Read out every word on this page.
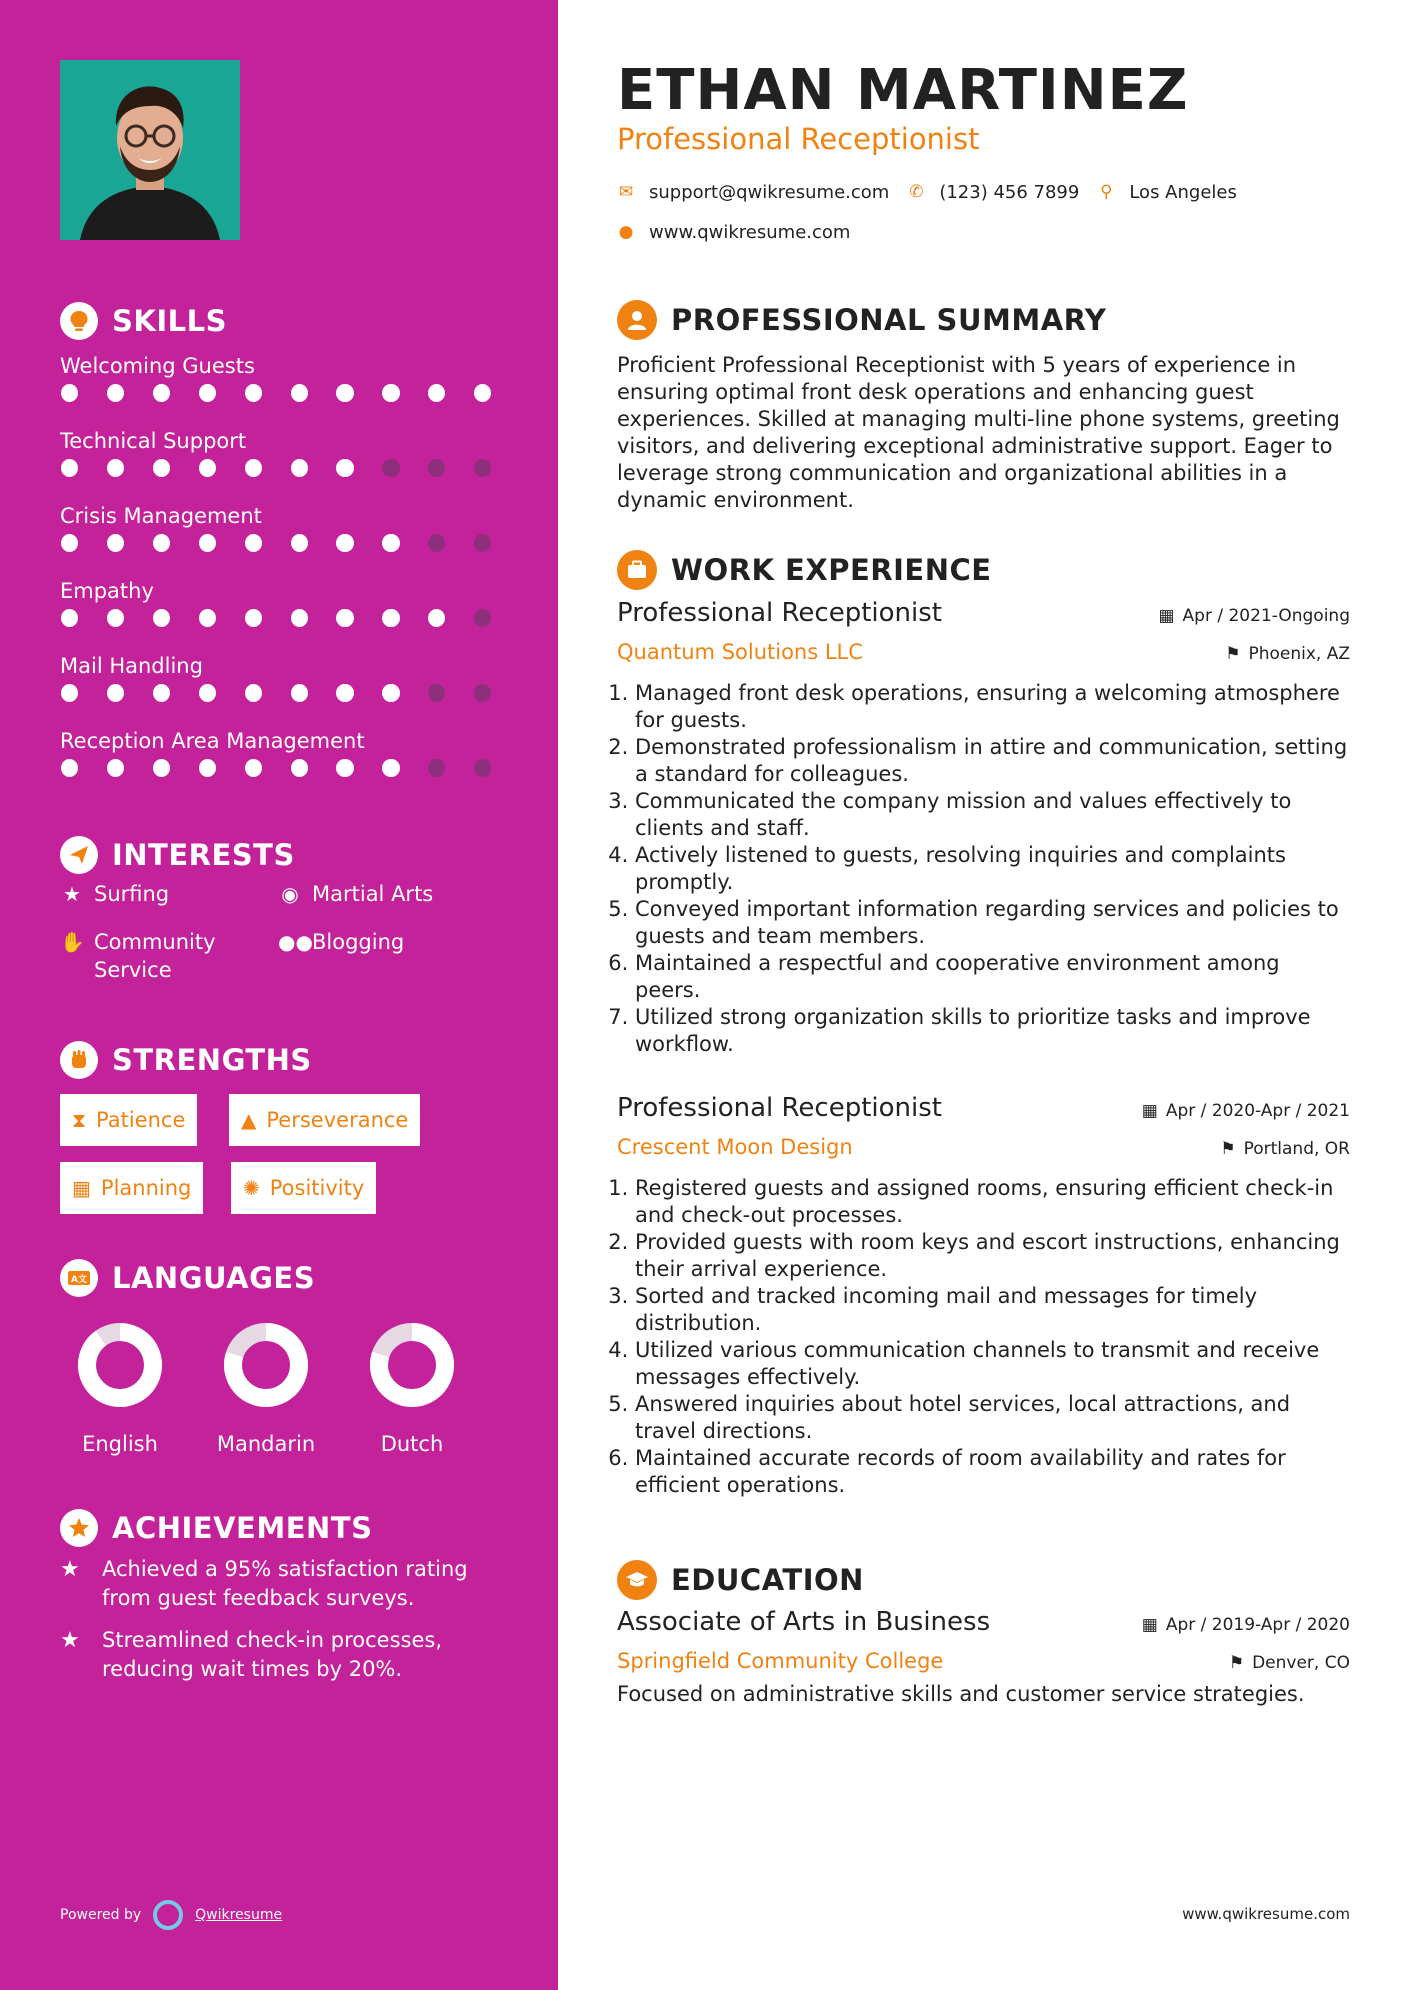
SKILLS
Welcoming Guests
Technical Support
Crisis Management
Empathy
Mail Handling
Reception Area Management
INTERESTS
★ Surfing	◉ Martial Arts
✋ Community Service
●● Blogging
STRENGTHS
⧗ Patience	▲ Perseverance
▦ Planning	✺ Positivity
A文 LANGUAGES
English	Mandarin	Dutch
ACHIEVEMENTS
★	Achieved a 95% satisfaction rating from guest feedback surveys.
★	Streamlined check-in processes, reducing wait times by 20%.
Powered by	Qwikresume
ETHAN MARTINEZ
Professional Receptionist
✉ support@qwikresume.com ✆ (123) 456 7899 ⚲ Los Angeles
● www.qwikresume.com
PROFESSIONAL SUMMARY
Proficient Professional Receptionist with 5 years of experience in ensuring optimal front desk operations and enhancing guest experiences. Skilled at managing multi-line phone systems, greeting visitors, and delivering exceptional administrative support. Eager to leverage strong communication and organizational abilities in a dynamic environment.
WORK EXPERIENCE
Professional Receptionist	▦ Apr / 2021-Ongoing
Quantum Solutions LLC	⚑ Phoenix, AZ
1. Managed front desk operations, ensuring a welcoming atmosphere for guests.
2. Demonstrated professionalism in attire and communication, setting a standard for colleagues.
3. Communicated the company mission and values effectively to clients and staff.
4. Actively listened to guests, resolving inquiries and complaints promptly.
5. Conveyed important information regarding services and policies to guests and team members.
6. Maintained a respectful and cooperative environment among peers.
7. Utilized strong organization skills to prioritize tasks and improve workflow.
Professional Receptionist	▦ Apr / 2020-Apr / 2021
Crescent Moon Design	⚑ Portland, OR
1. Registered guests and assigned rooms, ensuring efficient check-in and check-out processes.
2. Provided guests with room keys and escort instructions, enhancing their arrival experience.
3. Sorted and tracked incoming mail and messages for timely distribution.
4. Utilized various communication channels to transmit and receive messages effectively.
5. Answered inquiries about hotel services, local attractions, and travel directions.
6. Maintained accurate records of room availability and rates for efficient operations.
EDUCATION
Associate of Arts in Business	▦ Apr / 2019-Apr / 2020
Springfield Community College	⚑ Denver, CO
Focused on administrative skills and customer service strategies.
www.qwikresume.com
